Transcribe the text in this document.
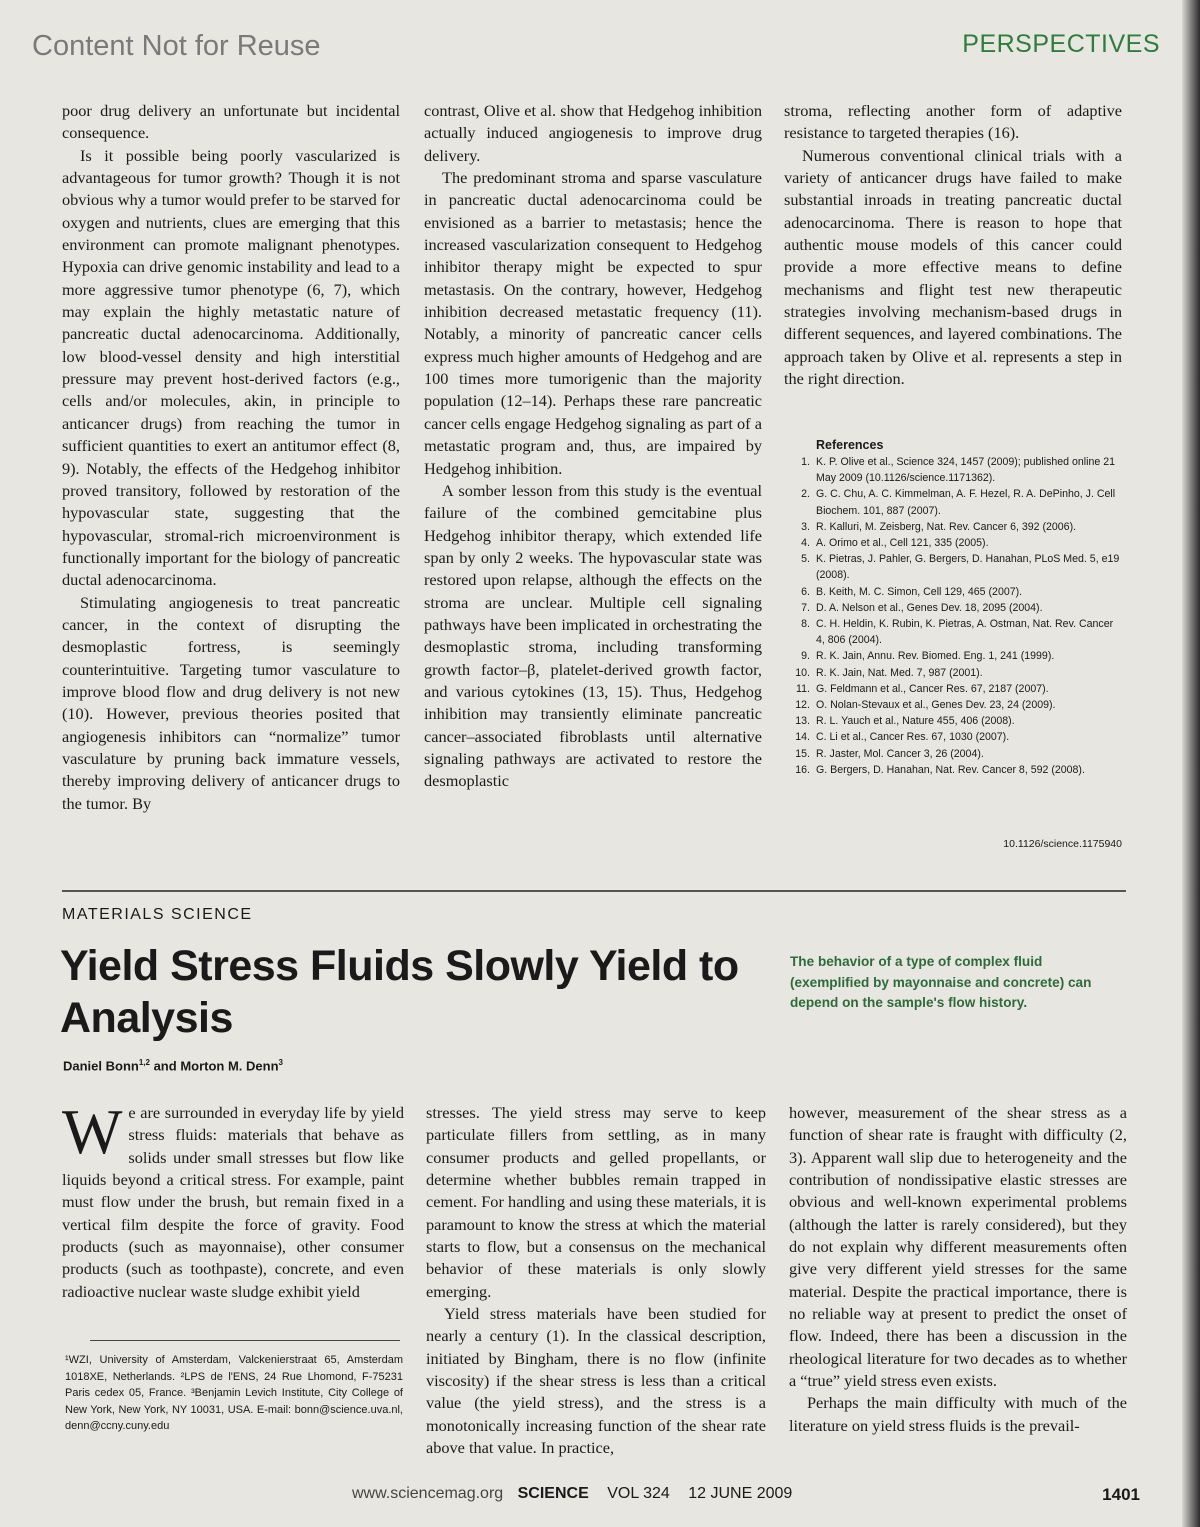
Content Not for Reuse	PERSPECTIVES

poor drug delivery an unfortunate but incidental consequence.

Is it possible being poorly vascularized is advantageous for tumor growth? Though it is not obvious why a tumor would prefer to be starved for oxygen and nutrients, clues are emerging that this environment can promote malignant phenotypes. Hypoxia can drive genomic instability and lead to a more aggressive tumor phenotype (6, 7), which may explain the highly metastatic nature of pancreatic ductal adenocarcinoma. Additionally, low blood-vessel density and high interstitial pressure may prevent host-derived factors (e.g., cells and/or molecules, akin, in principle to anticancer drugs) from reaching the tumor in sufficient quantities to exert an antitumor effect (8, 9). Notably, the effects of the Hedgehog inhibitor proved transitory, followed by restoration of the hypovascular state, suggesting that the hypovascular, stromal-rich microenvironment is functionally important for the biology of pancreatic ductal adenocarcinoma.

Stimulating angiogenesis to treat pancreatic cancer, in the context of disrupting the desmoplastic fortress, is seemingly counterintuitive. Targeting tumor vasculature to improve blood flow and drug delivery is not new (10). However, previous theories posited that angiogenesis inhibitors can “normalize” tumor vasculature by pruning back immature vessels, thereby improving delivery of anticancer drugs to the tumor. By

contrast, Olive et al. show that Hedgehog inhibition actually induced angiogenesis to improve drug delivery.

The predominant stroma and sparse vasculature in pancreatic ductal adenocarcinoma could be envisioned as a barrier to metastasis; hence the increased vascularization consequent to Hedgehog inhibitor therapy might be expected to spur metastasis. On the contrary, however, Hedgehog inhibition decreased metastatic frequency (11). Notably, a minority of pancreatic cancer cells express much higher amounts of Hedgehog and are 100 times more tumorigenic than the majority population (12–14). Perhaps these rare pancreatic cancer cells engage Hedgehog signaling as part of a metastatic program and, thus, are impaired by Hedgehog inhibition.

A somber lesson from this study is the eventual failure of the combined gemcitabine plus Hedgehog inhibitor therapy, which extended life span by only 2 weeks. The hypovascular state was restored upon relapse, although the effects on the stroma are unclear. Multiple cell signaling pathways have been implicated in orchestrating the desmoplastic stroma, including transforming growth factor–β, platelet-derived growth factor, and various cytokines (13, 15). Thus, Hedgehog inhibition may transiently eliminate pancreatic cancer–associated fibroblasts until alternative signaling pathways are activated to restore the desmoplastic

stroma, reflecting another form of adaptive resistance to targeted therapies (16).

Numerous conventional clinical trials with a variety of anticancer drugs have failed to make substantial inroads in treating pancreatic ductal adenocarcinoma. There is reason to hope that authentic mouse models of this cancer could provide a more effective means to define mechanisms and flight test new therapeutic strategies involving mechanism-based drugs in different sequences, and layered combinations. The approach taken by Olive et al. represents a step in the right direction.

References
1. K. P. Olive et al., Science 324, 1457 (2009); published online 21 May 2009 (10.1126/science.1171362).
2. G. C. Chu, A. C. Kimmelman, A. F. Hezel, R. A. DePinho, J. Cell Biochem. 101, 887 (2007).
3. R. Kalluri, M. Zeisberg, Nat. Rev. Cancer 6, 392 (2006).
4. A. Orimo et al., Cell 121, 335 (2005).
5. K. Pietras, J. Pahler, G. Bergers, D. Hanahan, PLoS Med. 5, e19 (2008).
6. B. Keith, M. C. Simon, Cell 129, 465 (2007).
7. D. A. Nelson et al., Genes Dev. 18, 2095 (2004).
8. C. H. Heldin, K. Rubin, K. Pietras, A. Ostman, Nat. Rev. Cancer 4, 806 (2004).
9. R. K. Jain, Annu. Rev. Biomed. Eng. 1, 241 (1999).
10. R. K. Jain, Nat. Med. 7, 987 (2001).
11. G. Feldmann et al., Cancer Res. 67, 2187 (2007).
12. O. Nolan-Stevaux et al., Genes Dev. 23, 24 (2009).
13. R. L. Yauch et al., Nature 455, 406 (2008).
14. C. Li et al., Cancer Res. 67, 1030 (2007).
15. R. Jaster, Mol. Cancer 3, 26 (2004).
16. G. Bergers, D. Hanahan, Nat. Rev. Cancer 8, 592 (2008).
10.1126/science.1175940
MATERIALS SCIENCE
Yield Stress Fluids Slowly Yield to Analysis
The behavior of a type of complex fluid (exemplified by mayonnaise and concrete) can depend on the sample's flow history.
Daniel Bonn$^{1,2}$ and Morton M. Denn$^3$

We are surrounded in everyday life by yield stress fluids: materials that behave as solids under small stresses but flow like liquids beyond a critical stress. For example, paint must flow under the brush, but remain fixed in a vertical film despite the force of gravity. Food products (such as mayonnaise), other consumer products (such as toothpaste), concrete, and even radioactive nuclear waste sludge exhibit yield

stresses. The yield stress may serve to keep particulate fillers from settling, as in many consumer products and gelled propellants, or determine whether bubbles remain trapped in cement. For handling and using these materials, it is paramount to know the stress at which the material starts to flow, but a consensus on the mechanical behavior of these materials is only slowly emerging.

Yield stress materials have been studied for nearly a century (1). In the classical description, initiated by Bingham, there is no flow (infinite viscosity) if the shear stress is less than a critical value (the yield stress), and the stress is a monotonically increasing function of the shear rate above that value. In practice,

however, measurement of the shear stress as a function of shear rate is fraught with difficulty (2, 3). Apparent wall slip due to heterogeneity and the contribution of nondissipative elastic stresses are obvious and well-known experimental problems (although the latter is rarely considered), but they do not explain why different measurements often give very different yield stresses for the same material. Despite the practical importance, there is no reliable way at present to predict the onset of flow. Indeed, there has been a discussion in the rheological literature for two decades as to whether a “true” yield stress even exists.

Perhaps the main difficulty with much of the literature on yield stress fluids is the prevail-

¹WZI, University of Amsterdam, Valckenierstraat 65, Amsterdam 1018XE, Netherlands. ²LPS de l'ENS, 24 Rue Lhomond, F-75231 Paris cedex 05, France. ³Benjamin Levich Institute, City College of New York, New York, NY 10031, USA. E-mail: bonn@science.uva.nl, denn@ccny.cuny.edu
www.sciencemag.org SCIENCE VOL 324 12 JUNE 2009	1401
